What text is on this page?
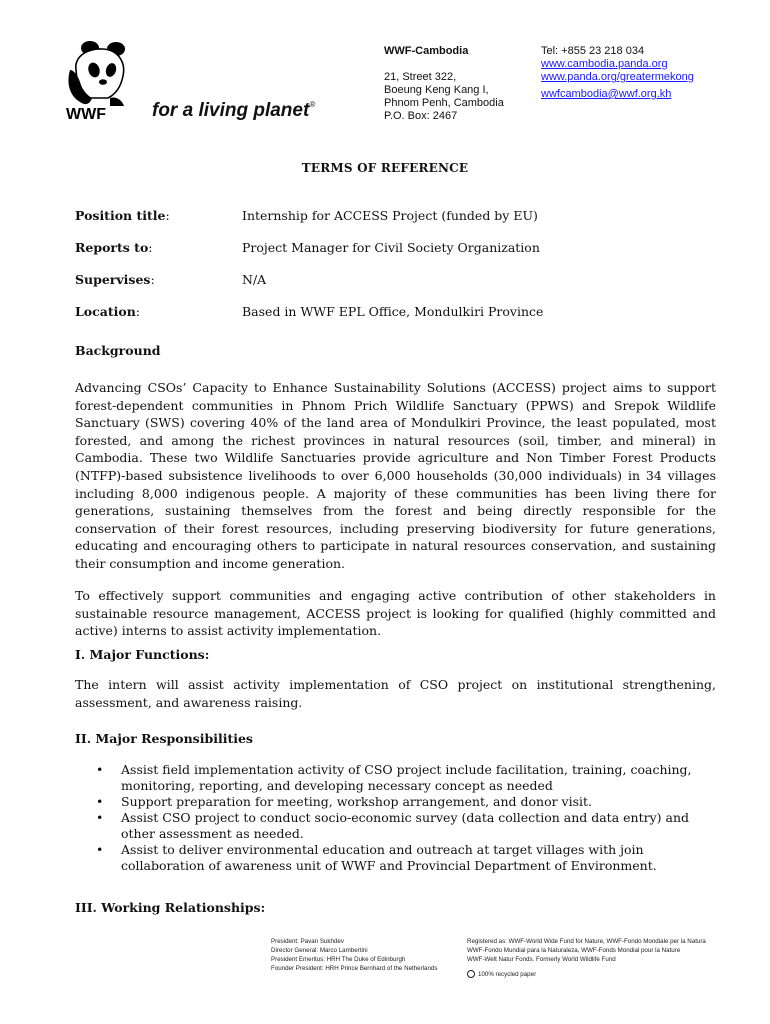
WWF for a living planet®
WWF-Cambodia
21, Street 322,
Boeung Keng Kang I,
Phnom Penh, Cambodia
P.O. Box: 2467
Tel: +855 23 218 034
www.cambodia.panda.org
www.panda.org/greatermekong
wwfcambodia@wwf.org.kh
TERMS OF REFERENCE
Position title:	Internship for ACCESS Project (funded by EU)
Reports to:	Project Manager for Civil Society Organization
Supervises:	N/A
Location:	Based in WWF EPL Office, Mondulkiri Province
Background

Advancing CSOs’ Capacity to Enhance Sustainability Solutions (ACCESS) project aims to support forest-dependent communities in Phnom Prich Wildlife Sanctuary (PPWS) and Srepok Wildlife Sanctuary (SWS) covering 40% of the land area of Mondulkiri Province, the least populated, most forested, and among the richest provinces in natural resources (soil, timber, and mineral) in Cambodia. These two Wildlife Sanctuaries provide agriculture and Non Timber Forest Products (NTFP)-based subsistence livelihoods to over 6,000 households (30,000 individuals) in 34 villages including 8,000 indigenous people. A majority of these communities has been living there for generations, sustaining themselves from the forest and being directly responsible for the conservation of their forest resources, including preserving biodiversity for future generations, educating and encouraging others to participate in natural resources conservation, and sustaining their consumption and income generation.

To effectively support communities and engaging active contribution of other stakeholders in sustainable resource management, ACCESS project is looking for qualified (highly committed and active) interns to assist activity implementation.

I. Major Functions:

The intern will assist activity implementation of CSO project on institutional strengthening, assessment, and awareness raising.

II. Major Responsibilities
• Assist field implementation activity of CSO project include facilitation, training, coaching, monitoring, reporting, and developing necessary concept as needed
• Support preparation for meeting, workshop arrangement, and donor visit.
• Assist CSO project to conduct socio-economic survey (data collection and data entry) and other assessment as needed.
• Assist to deliver environmental education and outreach at target villages with join collaboration of awareness unit of WWF and Provincial Department of Environment.
III. Working Relationships:
President: Pavan Sukhdev
Director General: Marco Lambertini
President Emeritus: HRH The Duke of Edinburgh
Founder President: HRH Prince Bernhard of the Netherlands
Registered as: WWF-World Wide Fund for Nature, WWF-Fondo Mondiale per la Natura
WWF-Fondo Mundial para la Naturaleza, WWF-Fonds Mondial pour la Nature
WWF-Welt Natur Fonds. Formerly World Wildlife Fund
100% recycled paper
